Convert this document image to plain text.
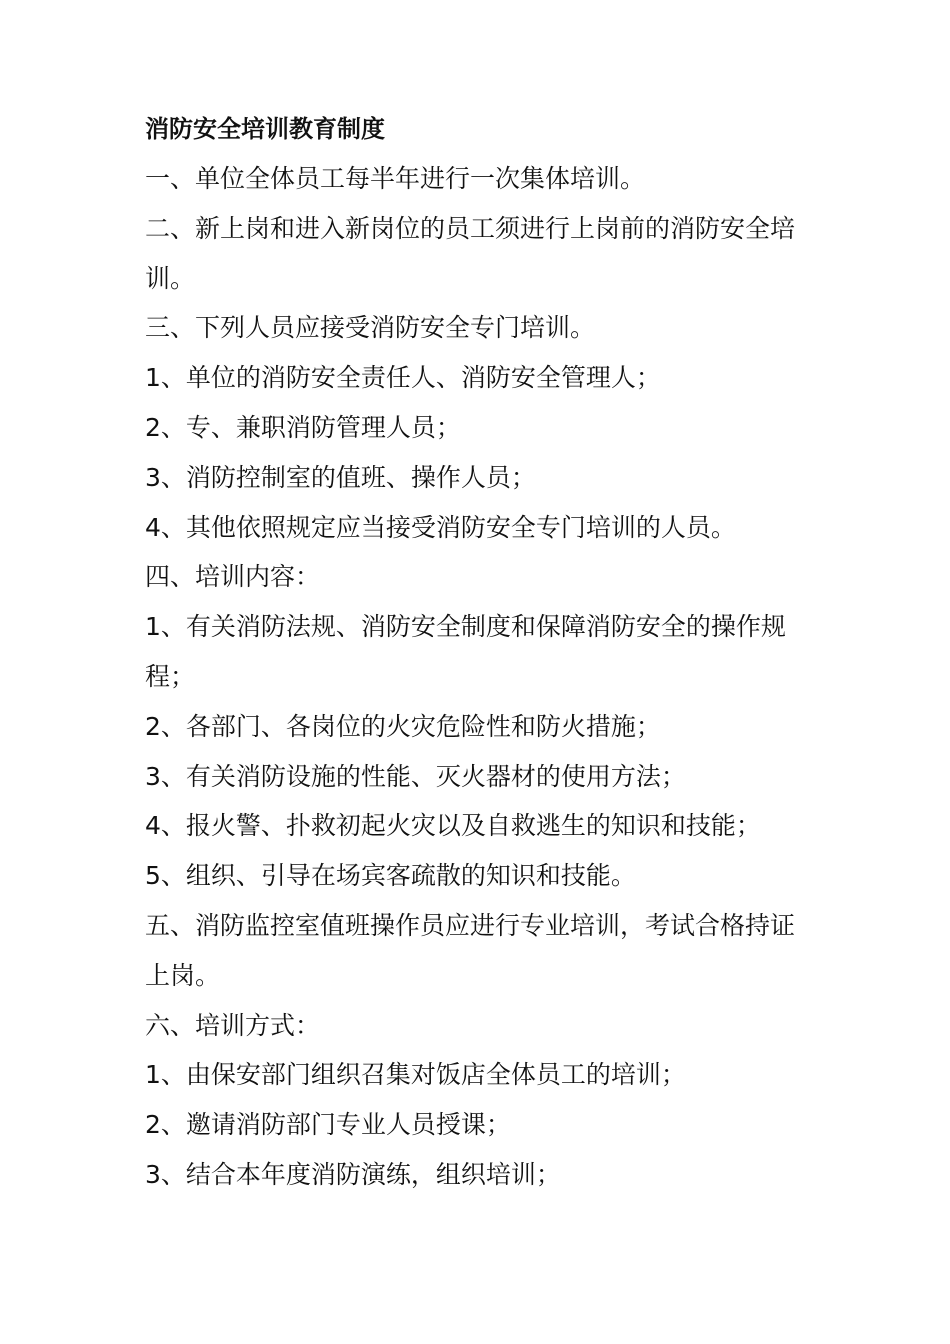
消防安全培训教育制度
一、单位全体员工每半年进行一次集体培训。
二、新上岗和进入新岗位的员工须进行上岗前的消防安全培训。
三、下列人员应接受消防安全专门培训。
1、单位的消防安全责任人、消防安全管理人；
2、专、兼职消防管理人员；
3、消防控制室的值班、操作人员；
4、其他依照规定应当接受消防安全专门培训的人员。
四、培训内容：
1、有关消防法规、消防安全制度和保障消防安全的操作规程；
2、各部门、各岗位的火灾危险性和防火措施；
3、有关消防设施的性能、灭火器材的使用方法；
4、报火警、扑救初起火灾以及自救逃生的知识和技能；
5、组织、引导在场宾客疏散的知识和技能。
五、消防监控室值班操作员应进行专业培训，考试合格持证上岗。
六、培训方式：
1、由保安部门组织召集对饭店全体员工的培训；
2、邀请消防部门专业人员授课；
3、结合本年度消防演练，组织培训；
